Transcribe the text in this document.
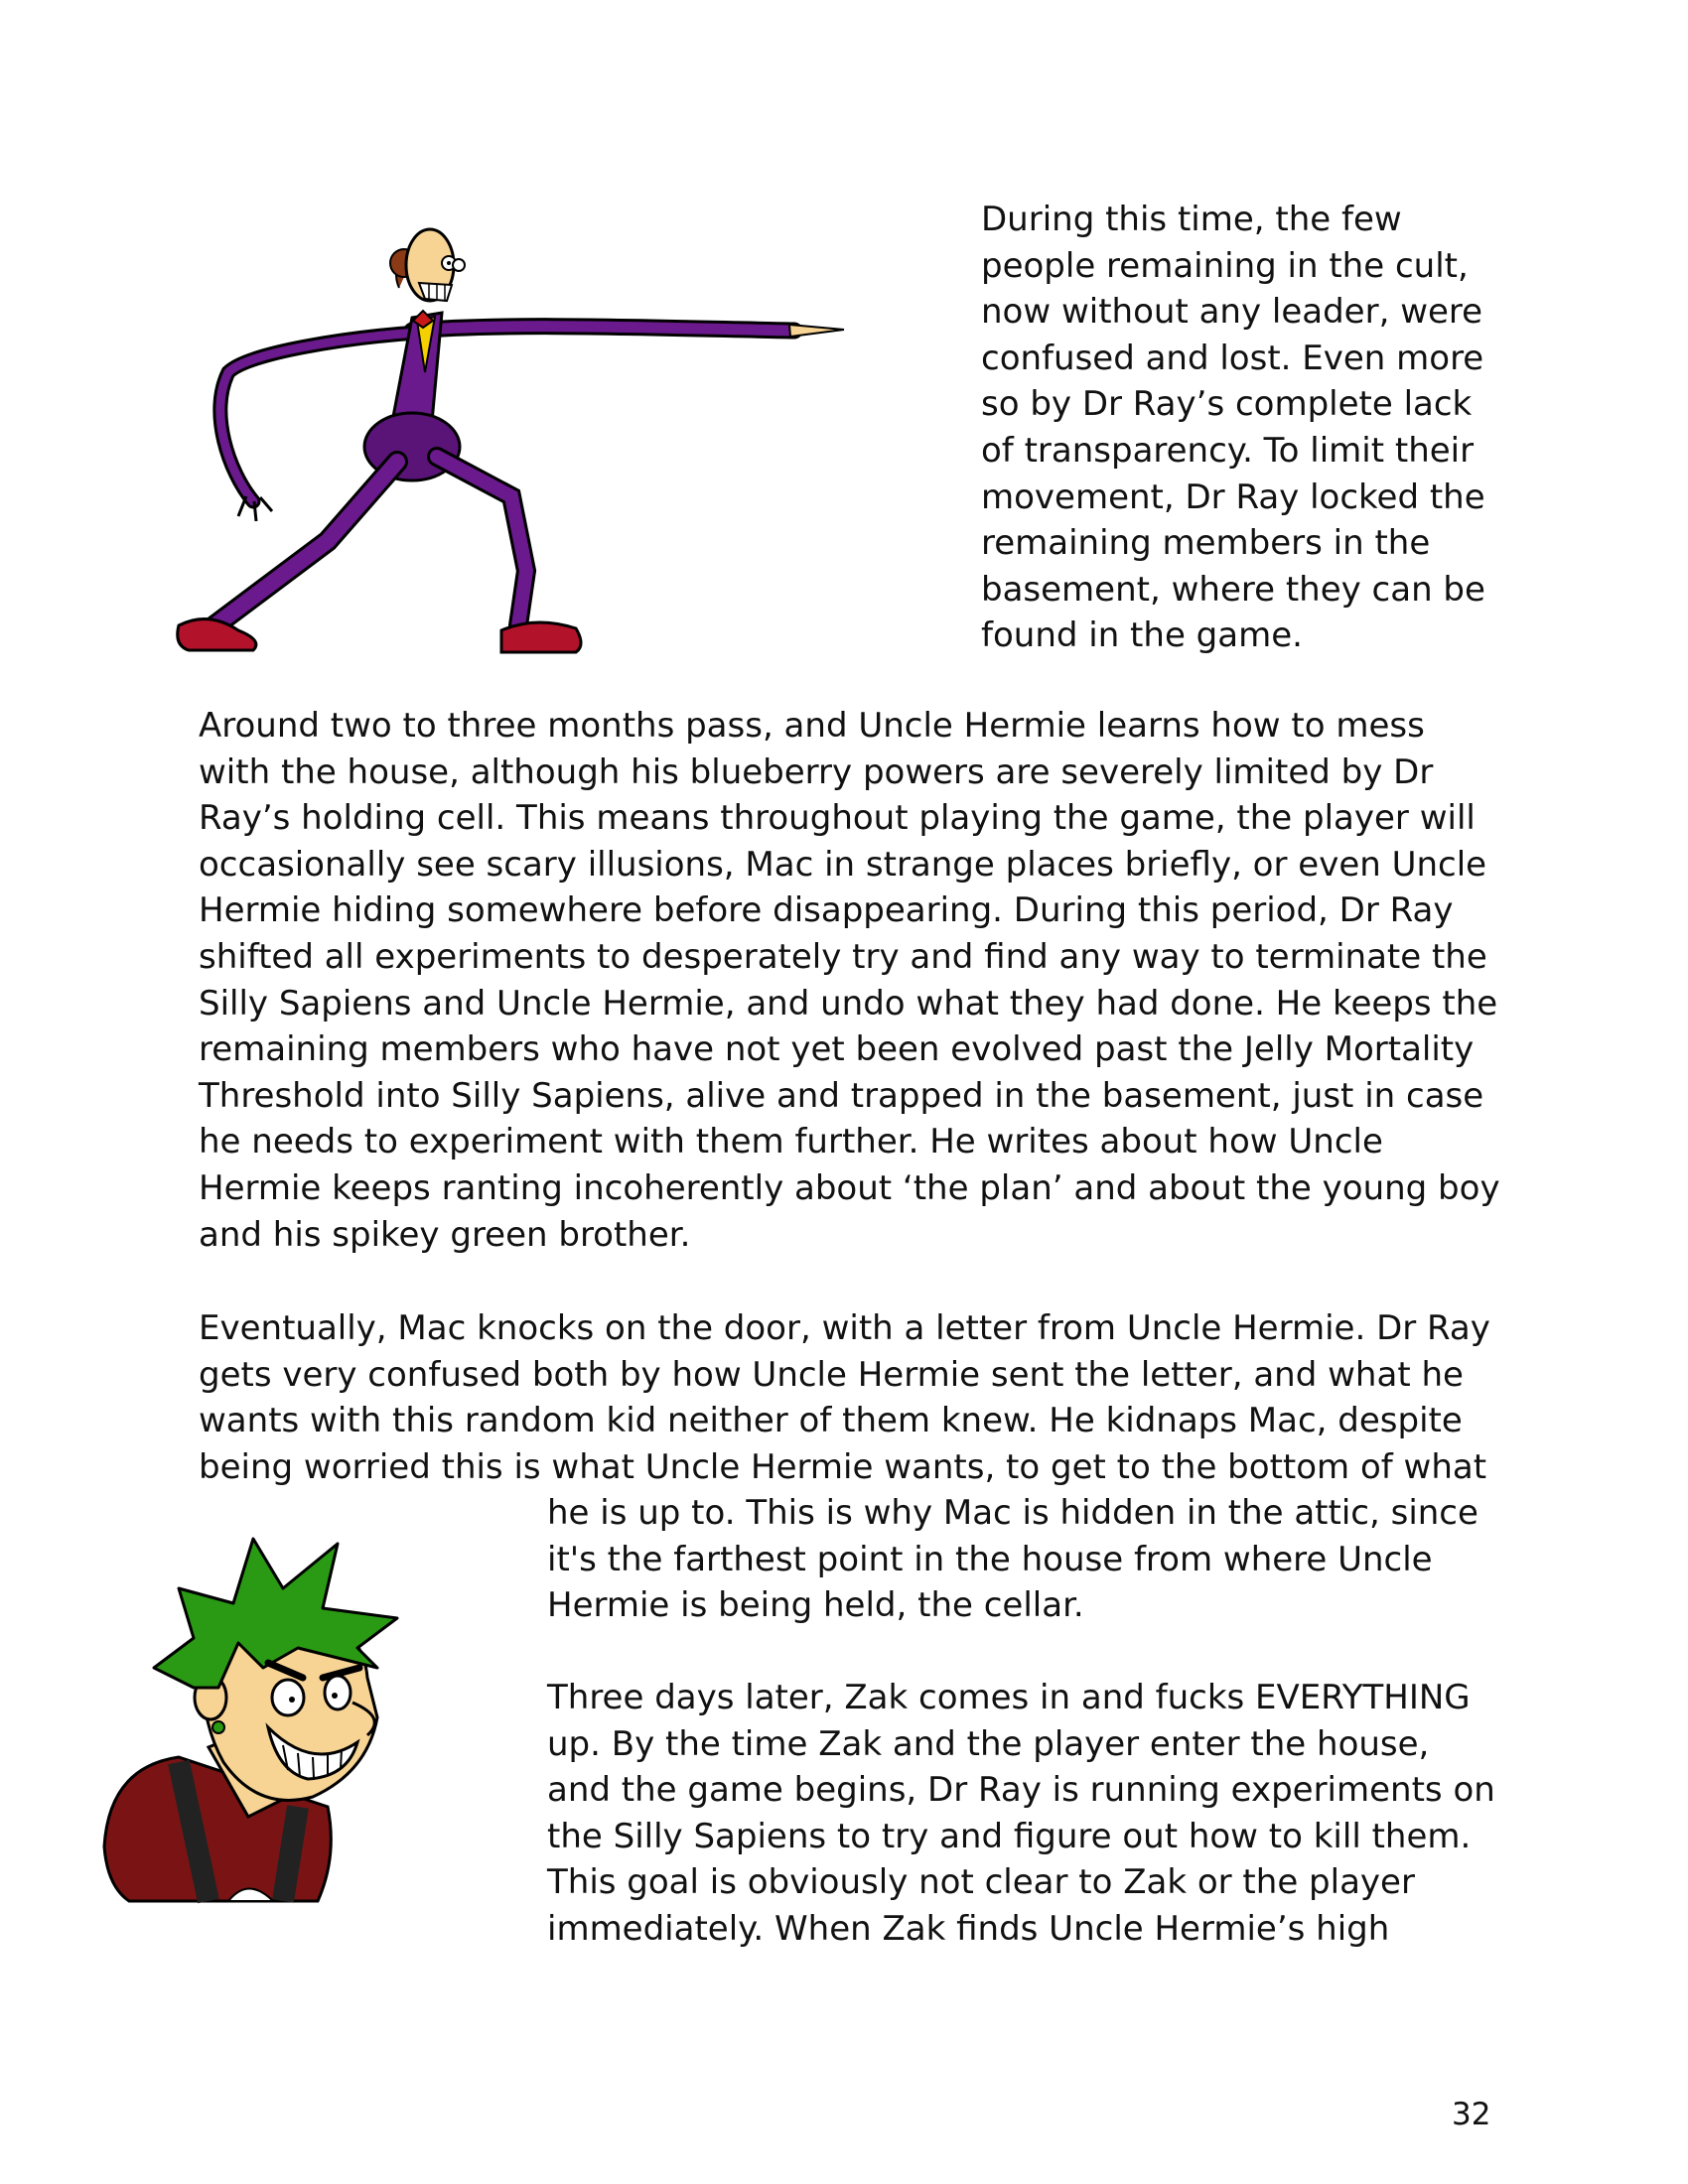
During this time, the few
people remaining in the cult,
now without any leader, were
confused and lost. Even more
so by Dr Ray’s complete lack
of transparency. To limit their
movement, Dr Ray locked the
remaining members in the
basement, where they can be
found in the game.

Around two to three months pass, and Uncle Hermie learns how to mess
with the house, although his blueberry powers are severely limited by Dr
Ray’s holding cell. This means throughout playing the game, the player will
occasionally see scary illusions, Mac in strange places briefly, or even Uncle
Hermie hiding somewhere before disappearing. During this period, Dr Ray
shifted all experiments to desperately try and find any way to terminate the
Silly Sapiens and Uncle Hermie, and undo what they had done. He keeps the
remaining members who have not yet been evolved past the Jelly Mortality
Threshold into Silly Sapiens, alive and trapped in the basement, just in case
he needs to experiment with them further. He writes about how Uncle
Hermie keeps ranting incoherently about ‘the plan’ and about the young boy
and his spikey green brother.

Eventually, Mac knocks on the door, with a letter from Uncle Hermie. Dr Ray
gets very confused both by how Uncle Hermie sent the letter, and what he
wants with this random kid neither of them knew. He kidnaps Mac, despite
being worried this is what Uncle Hermie wants, to get to the bottom of what

he is up to. This is why Mac is hidden in the attic, since
it's the farthest point in the house from where Uncle
Hermie is being held, the cellar.

Three days later, Zak comes in and fucks EVERYTHING
up. By the time Zak and the player enter the house,
and the game begins, Dr Ray is running experiments on
the Silly Sapiens to try and figure out how to kill them.
This goal is obviously not clear to Zak or the player
immediately. When Zak finds Uncle Hermie’s high

32
